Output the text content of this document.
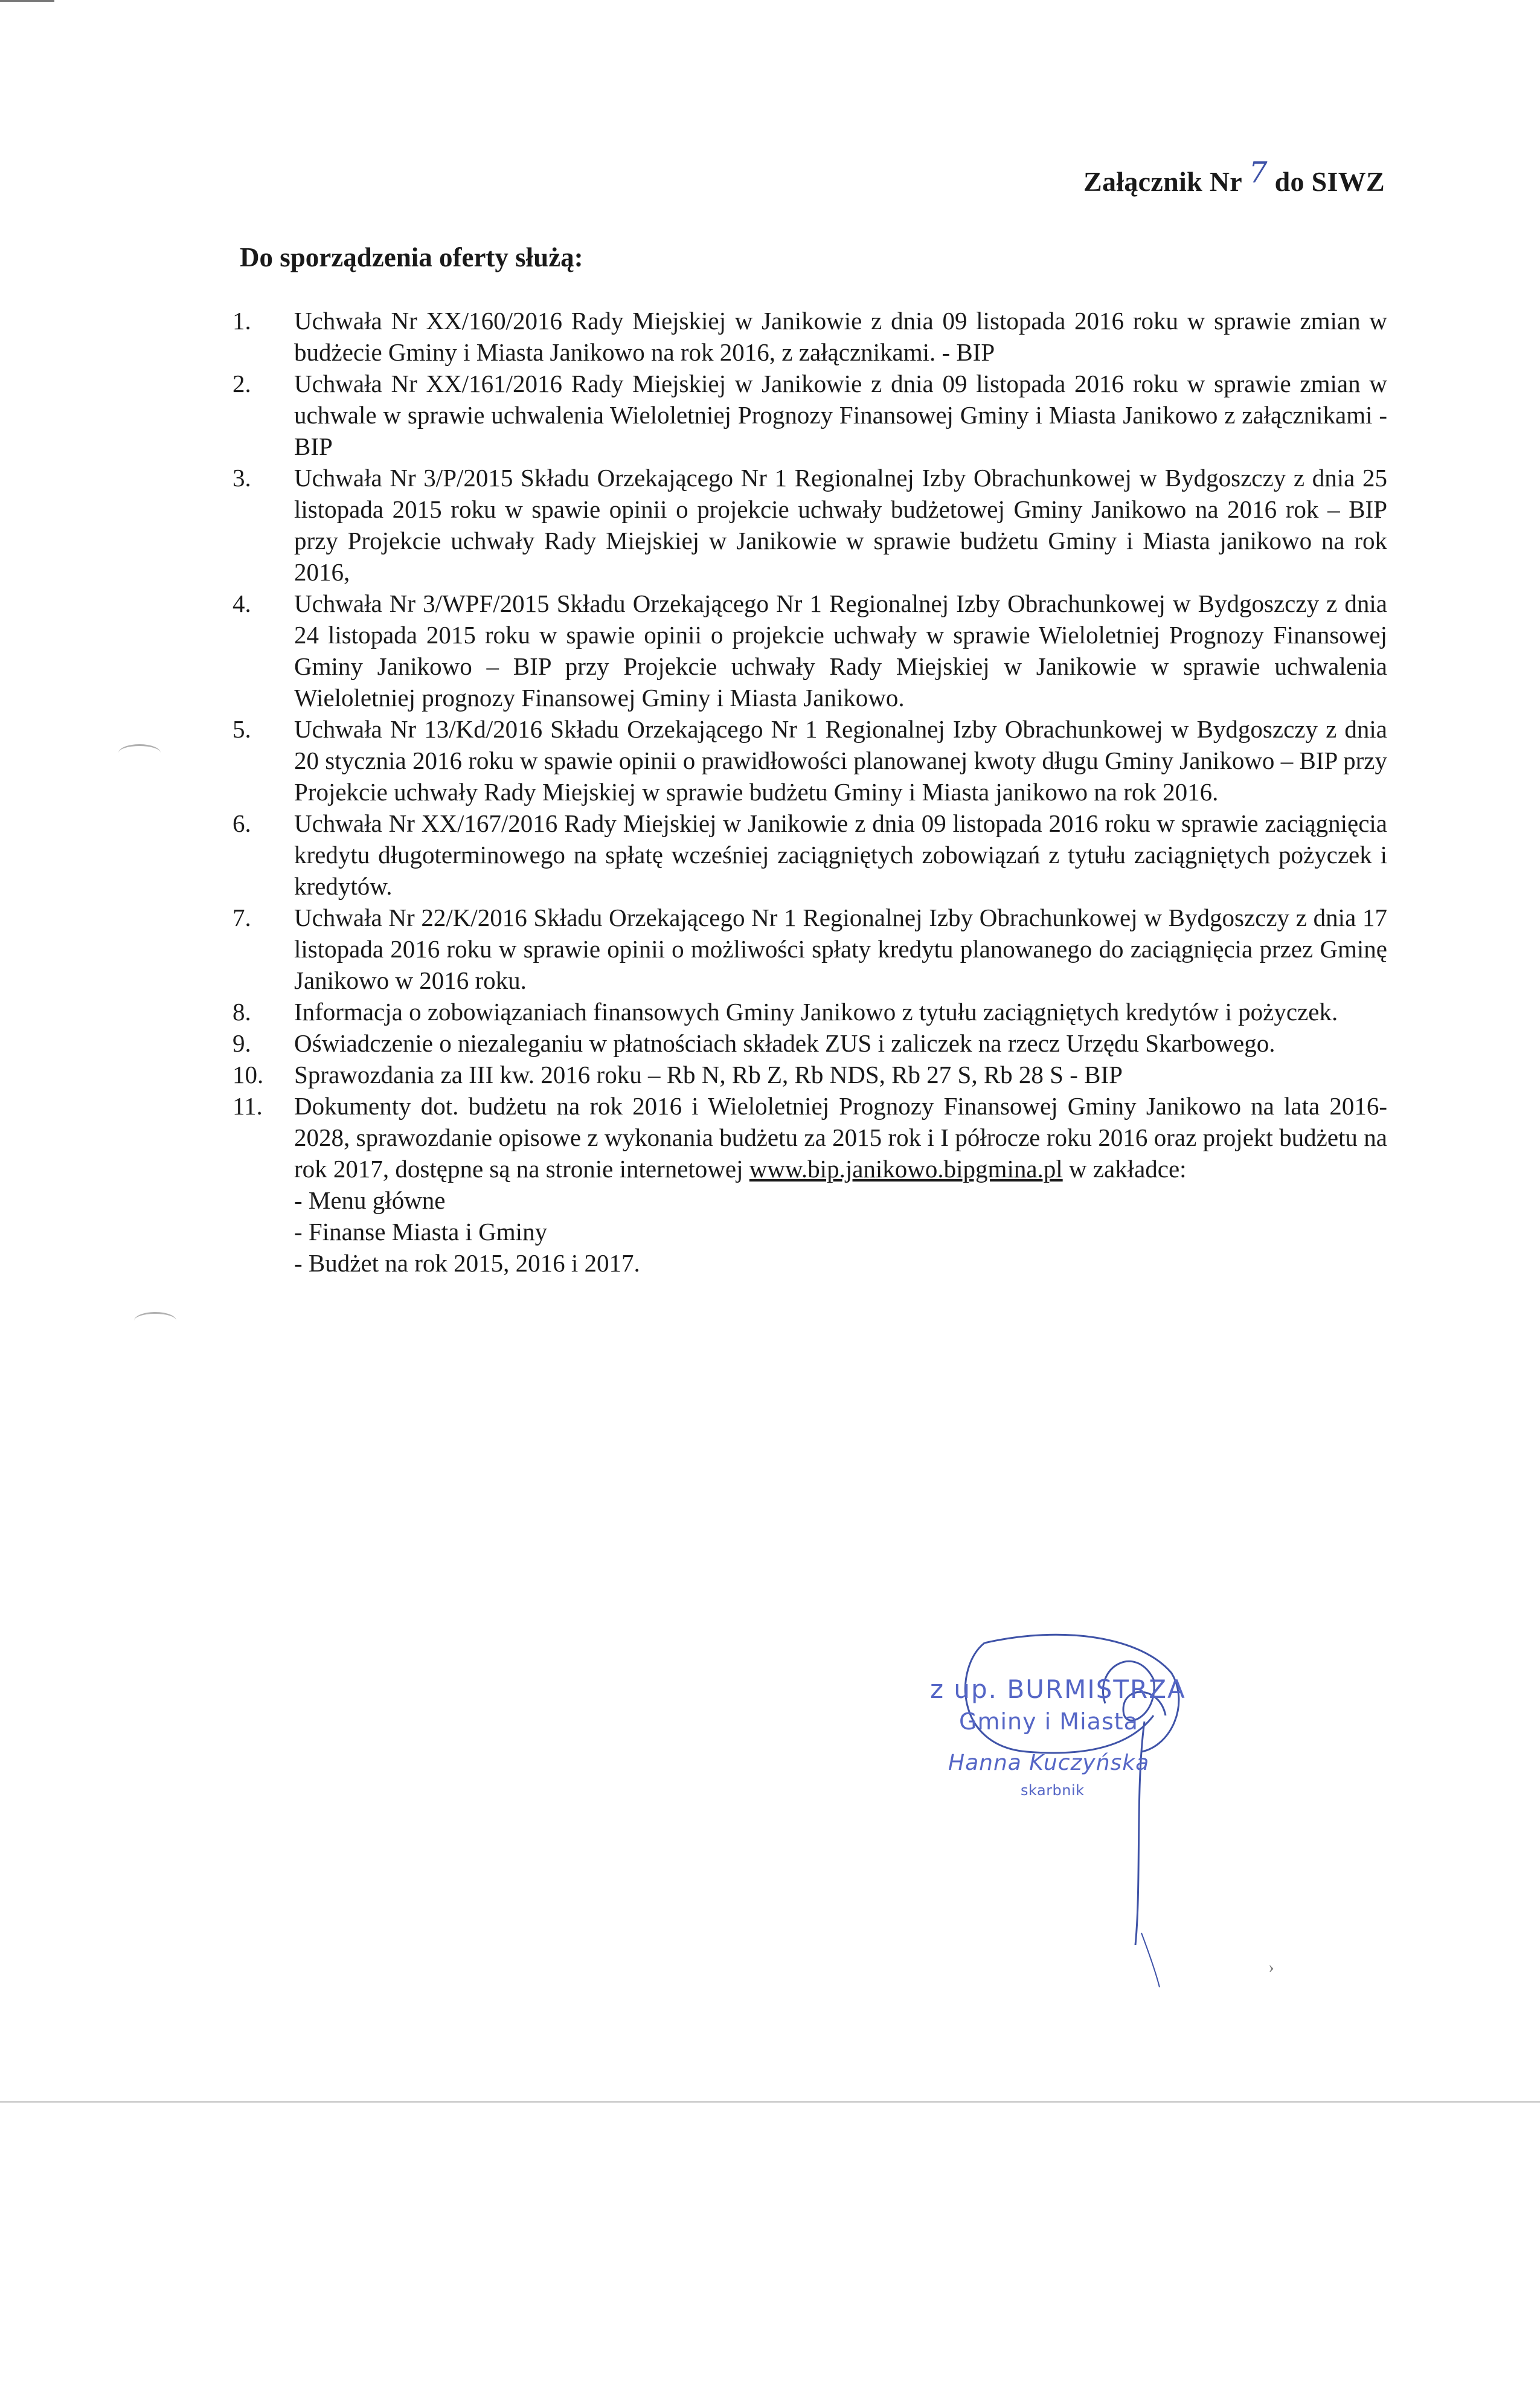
Załącznik Nr 7 do SIWZ
Do sporządzenia oferty służą:
1.	Uchwała Nr XX/160/2016 Rady Miejskiej w Janikowie z dnia 09 listopada 2016 roku w sprawie zmian w budżecie Gminy i Miasta Janikowo na rok 2016, z załącznikami. - BIP
2.	Uchwała Nr XX/161/2016 Rady Miejskiej w Janikowie z dnia 09 listopada 2016 roku w sprawie zmian w uchwale w sprawie uchwalenia Wieloletniej Prognozy Finansowej Gminy i Miasta Janikowo z załącznikami - BIP
3.	Uchwała Nr 3/P/2015 Składu Orzekającego Nr 1 Regionalnej Izby Obrachunkowej w Bydgoszczy z dnia 25 listopada 2015 roku w spawie opinii o projekcie uchwały budżetowej Gminy Janikowo na 2016 rok – BIP przy Projekcie uchwały Rady Miejskiej w Janikowie w sprawie budżetu Gminy i Miasta janikowo na rok 2016,
4.	Uchwała Nr 3/WPF/2015 Składu Orzekającego Nr 1 Regionalnej Izby Obrachunkowej w Bydgoszczy z dnia 24 listopada 2015 roku w spawie opinii o projekcie uchwały w sprawie Wieloletniej Prognozy Finansowej Gminy Janikowo – BIP przy Projekcie uchwały Rady Miejskiej w Janikowie w sprawie uchwalenia Wieloletniej prognozy Finansowej Gminy i Miasta Janikowo.
5.	Uchwała Nr 13/Kd/2016 Składu Orzekającego Nr 1 Regionalnej Izby Obrachunkowej w Bydgoszczy z dnia 20 stycznia 2016 roku w spawie opinii o prawidłowości planowanej kwoty długu Gminy Janikowo – BIP przy Projekcie uchwały Rady Miejskiej w sprawie budżetu Gminy i Miasta janikowo na rok 2016.
6.	Uchwała Nr XX/167/2016 Rady Miejskiej w Janikowie z dnia 09 listopada 2016 roku w sprawie zaciągnięcia kredytu długoterminowego na spłatę wcześniej zaciągniętych zobowiązań z tytułu zaciągniętych pożyczek i kredytów.
7.	Uchwała Nr 22/K/2016 Składu Orzekającego Nr 1 Regionalnej Izby Obrachunkowej w Bydgoszczy z dnia 17 listopada 2016 roku w sprawie opinii o możliwości spłaty kredytu planowanego do zaciągnięcia przez Gminę Janikowo w 2016 roku.
8.	Informacja o zobowiązaniach finansowych Gminy Janikowo z tytułu zaciągniętych kredytów i pożyczek.
9.	Oświadczenie o niezaleganiu w płatnościach składek ZUS i zaliczek na rzecz Urzędu Skarbowego.
10.	Sprawozdania za III kw. 2016 roku – Rb N, Rb Z, Rb NDS, Rb 27 S, Rb 28 S - BIP
11.	Dokumenty dot. budżetu na rok 2016 i Wieloletniej Prognozy Finansowej Gminy Janikowo na lata 2016-2028, sprawozdanie opisowe z wykonania budżetu za 2015 rok i I półrocze roku 2016 oraz projekt budżetu na rok 2017, dostępne są na stronie internetowej www.bip.janikowo.bipgmina.pl w zakładce:
- Menu główne
- Finanse Miasta i Gminy
- Budżet na rok 2015, 2016 i 2017.
z up. BURMISTRZA
Gminy i Miasta
Hanna Kuczyńska
skarbnik
›
